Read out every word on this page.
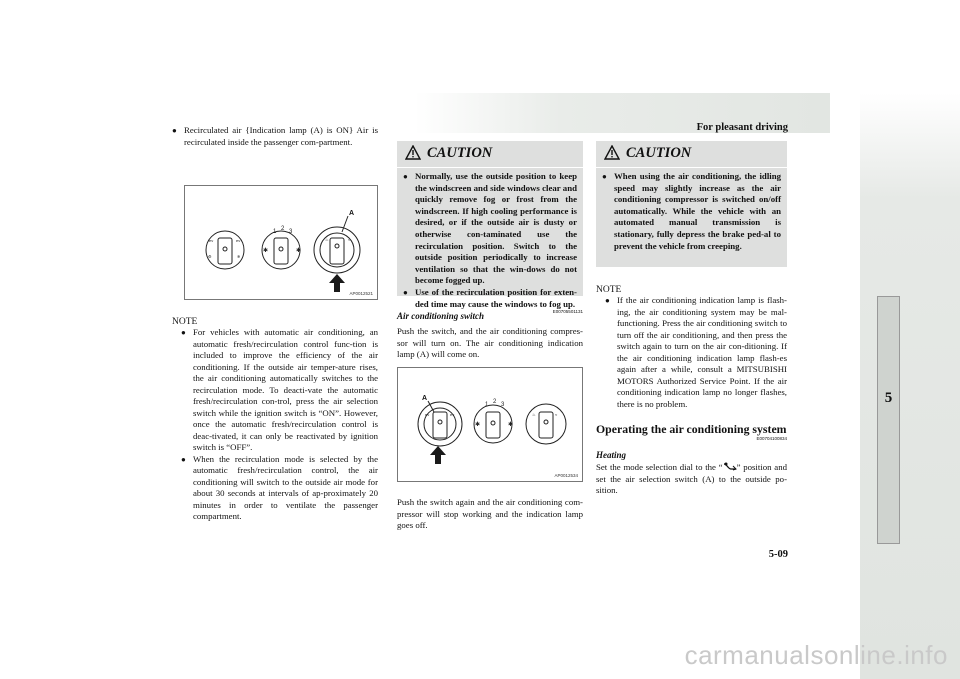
For pleasant driving
5
5-09
carmanualsonline.info
● Recirculated air {Indication lamp (A) is ON} Air is recirculated inside the passenger com-partment.
ev	ev
⚙	❄
1 2 3
✱	✱
♨	≈
A
AP0012521
NOTE
● For vehicles with automatic air conditioning, an automatic fresh/recirculation control func-tion is included to improve the efficiency of the air conditioning. If the outside air temper-ature rises, the air conditioning automatically switches to the recirculation mode. To deacti-vate the automatic fresh/recirculation con-trol, press the air selection switch while the ignition switch is “ON”. However, once the automatic fresh/recirculation control is deac-tivated, it can only be reactivated by ignition switch is “OFF”.
● When the recirculation mode is selected by the automatic fresh/recirculation control, the air conditioning will switch to the outside air mode for about 30 seconds at intervals of ap-proximately 20 minutes in order to ventilate the passenger compartment.
CAUTION
● Normally, use the outside position to keep the windscreen and side windows clear and quickly remove fog or frost from the windscreen. If high cooling performance is desired, or if the outside air is dusty or otherwise con-taminated use the recirculation position. Switch to the outside position periodically to increase ventilation so that the win-dows do not become fogged up.
● Use of the recirculation position for exten-ded time may cause the windows to fog up.
E00705501131
Air conditioning switch
Push the switch, and the air conditioning compres-sor will turn on. The air conditioning indication lamp (A) will come on.
ev	ev
1 2 3
✱	✱
♨	≈
A
AP0012534
Push the switch again and the air conditioning com-pressor will stop working and the indication lamp goes off.
CAUTION
● When using the air conditioning, the idling speed may slightly increase as the air conditioning compressor is switched on/off automatically. While the vehicle with an automated manual transmission is stationary, fully depress the brake ped-al to prevent the vehicle from creeping.
NOTE
● If the air conditioning indication lamp is flash-ing, the air conditioning system may be mal-functioning. Press the air conditioning switch to turn off the air conditioning, and then press the switch again to turn on the air con-ditioning. If the air conditioning indication lamp flash-es again after a while, consult a MITSUBISHI MOTORS Authorized Service Point. If the air conditioning indication lamp no longer flashes, there is no problem.
Operating the air conditioning system
E00704100834
Heating
Set the mode selection dial to the “ ” position and set the air selection switch (A) to the outside po-sition.
